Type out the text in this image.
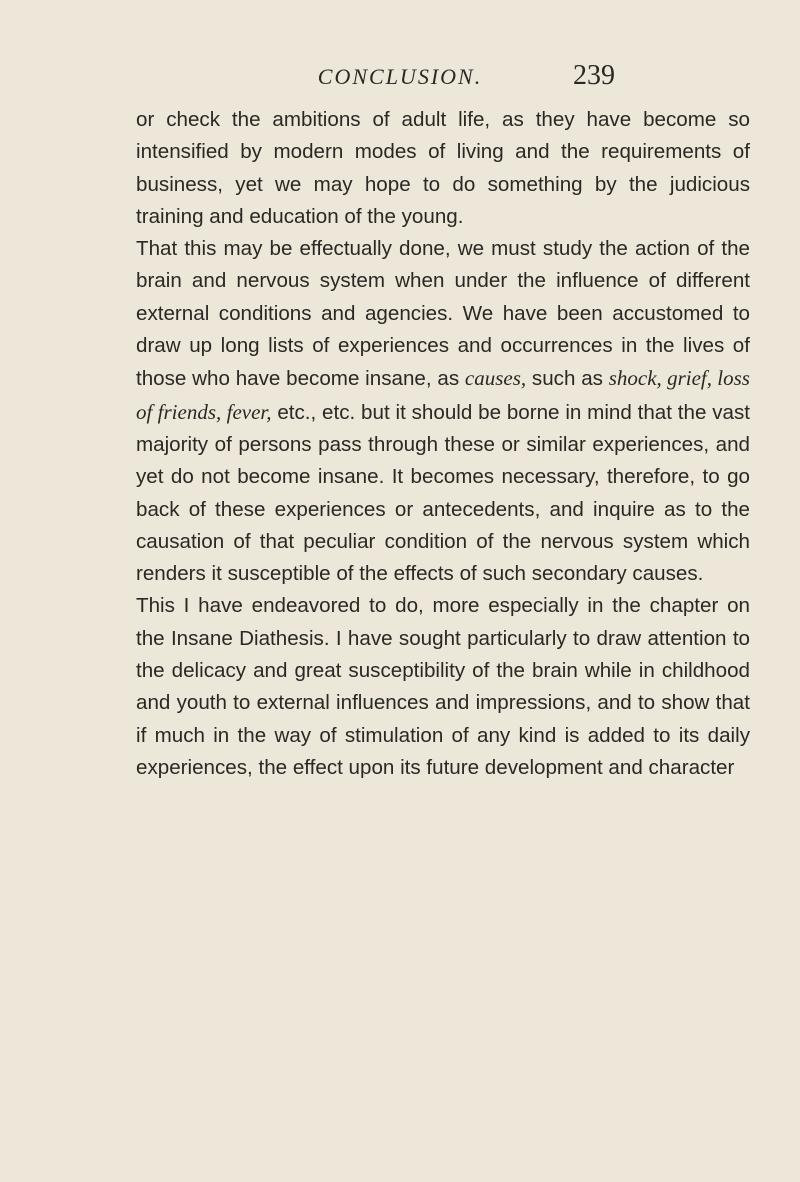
CONCLUSION.	239

or check the ambitions of adult life, as they have become so intensified by modern modes of living and the requirements of business, yet we may hope to do something by the judicious training and education of the young.

That this may be effectually done, we must study the action of the brain and nervous system when under the influence of different external conditions and agencies. We have been accustomed to draw up long lists of experiences and occurrences in the lives of those who have become insane, as causes, such as shock, grief, loss of friends, fever, etc., etc. but it should be borne in mind that the vast majority of persons pass through these or similar experiences, and yet do not become insane. It becomes necessary, therefore, to go back of these experiences or antecedents, and inquire as to the causation of that peculiar condition of the nervous system which renders it susceptible of the effects of such secondary causes.

This I have endeavored to do, more especially in the chapter on the Insane Diathesis. I have sought particularly to draw attention to the delicacy and great susceptibility of the brain while in childhood and youth to external influences and impressions, and to show that if much in the way of stimulation of any kind is added to its daily experiences, the effect upon its future development and character
